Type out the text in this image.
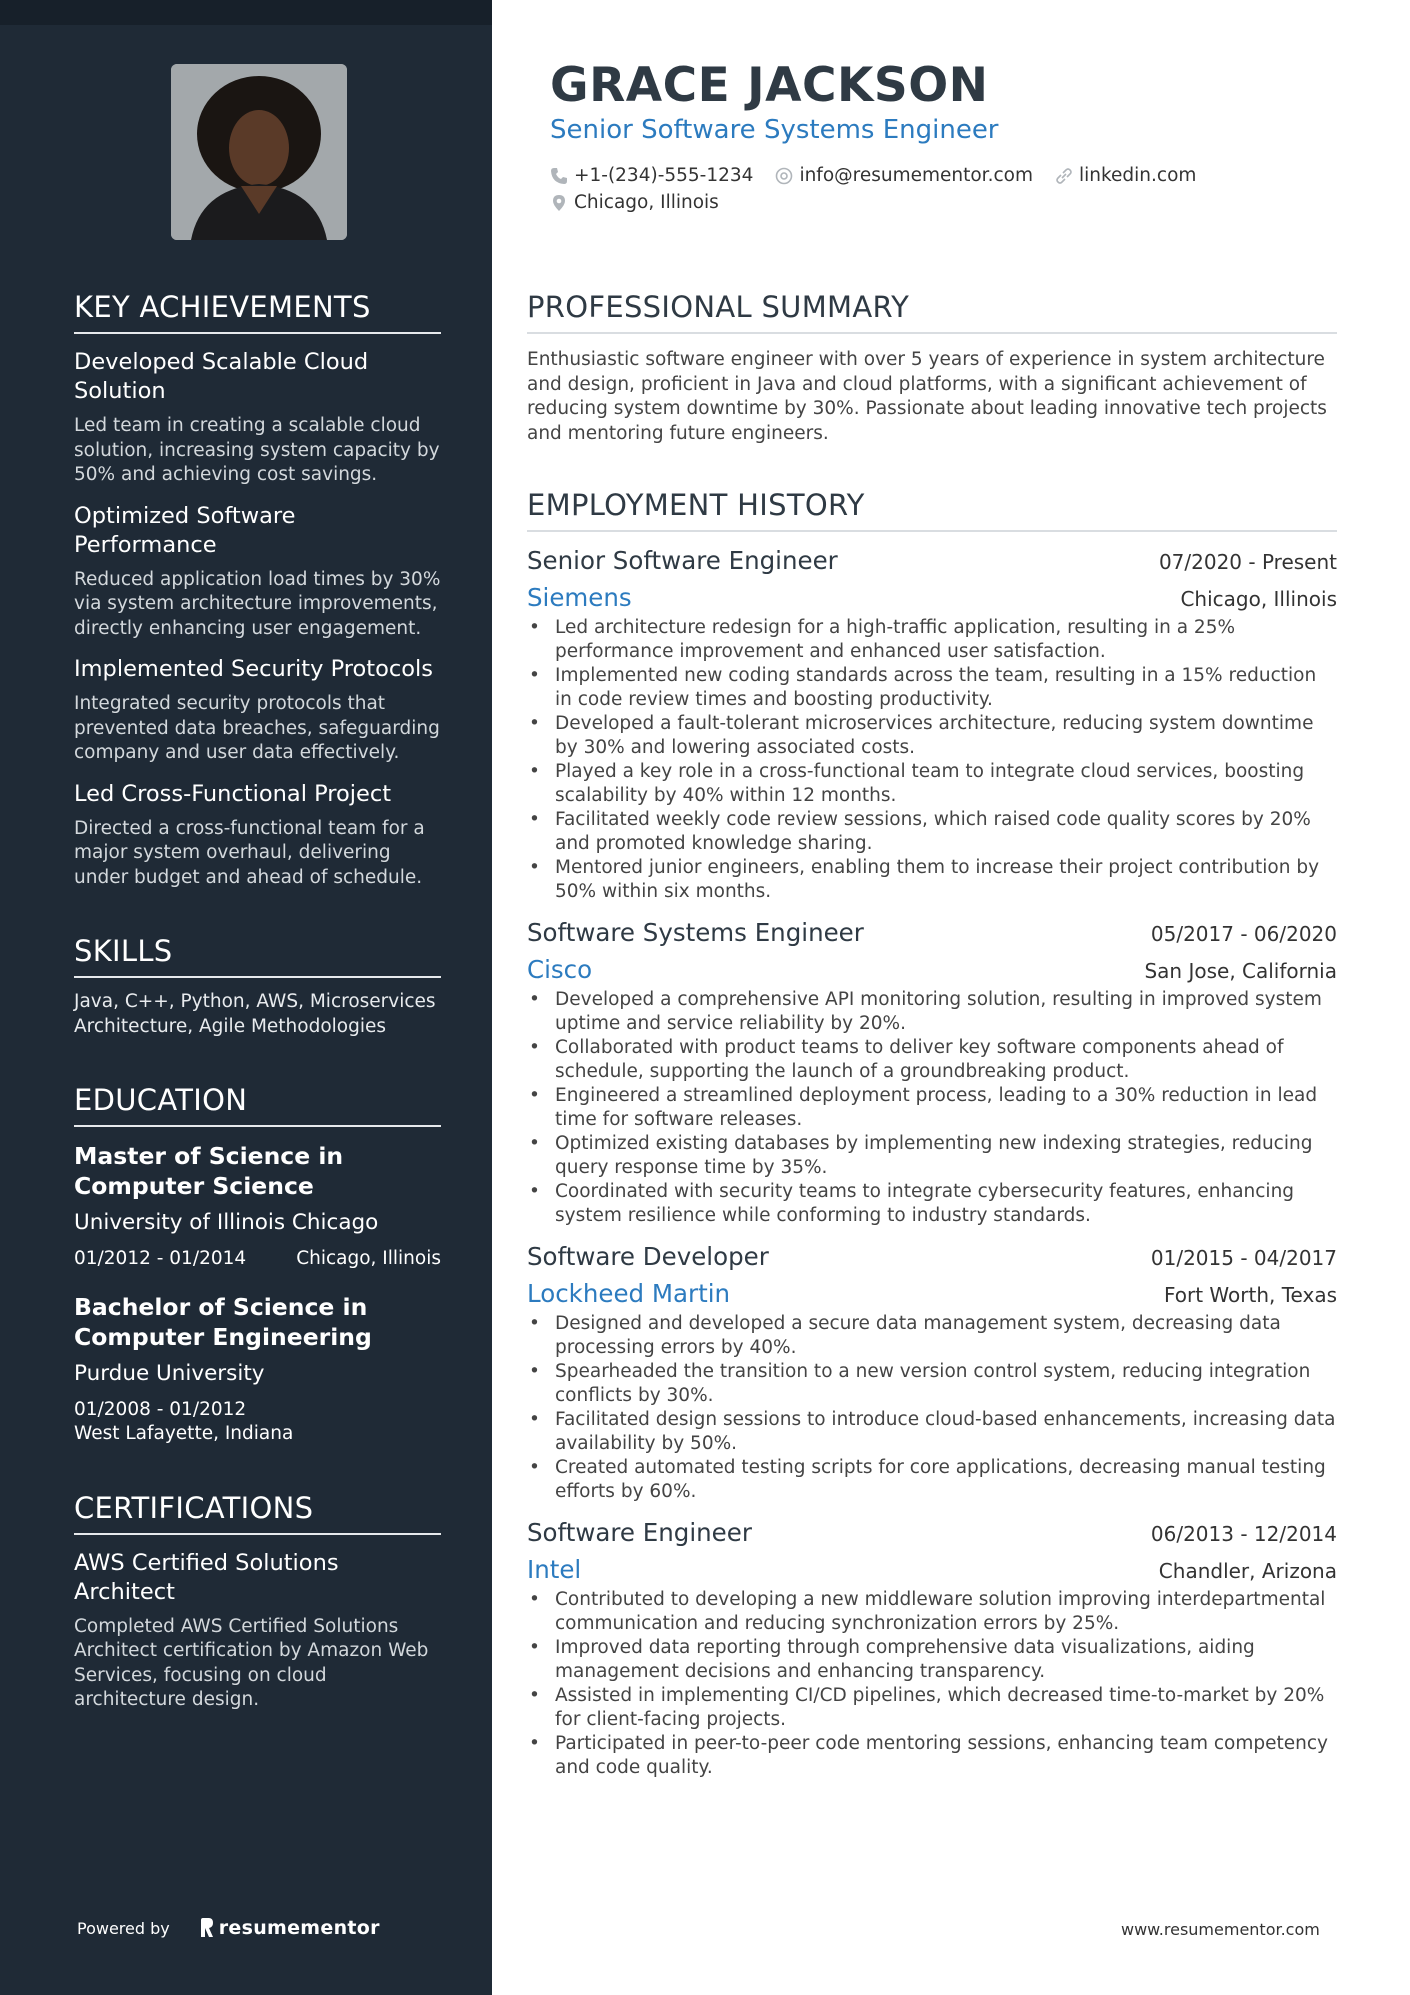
KEY ACHIEVEMENTS
Developed Scalable Cloud Solution

Led team in creating a scalable cloud solution, increasing system capacity by 50% and achieving cost savings.

Optimized Software Performance

Reduced application load times by 30% via system architecture improvements, directly enhancing user engagement.

Implemented Security Protocols

Integrated security protocols that prevented data breaches, safeguarding company and user data effectively.

Led Cross-Functional Project

Directed a cross-functional team for a major system overhaul, delivering under budget and ahead of schedule.

SKILLS
Java, C++, Python, AWS, Microservices Architecture, Agile Methodologies
EDUCATION
Master of Science in Computer Science
University of Illinois Chicago
01/2012 - 01/2014	Chicago, Illinois
Bachelor of Science in Computer Engineering
Purdue University
01/2008 - 01/2012
West Lafayette, Indiana
CERTIFICATIONS
AWS Certified Solutions Architect

Completed AWS Certified Solutions Architect certification by Amazon Web Services, focusing on cloud architecture design.

Powered by	resumementor
GRACE JACKSON
Senior Software Systems Engineer
+1-(234)-555-1234 info@resumementor.com linkedin.com
Chicago, Illinois
PROFESSIONAL SUMMARY

Enthusiastic software engineer with over 5 years of experience in system architecture and design, proficient in Java and cloud platforms, with a significant achievement of reducing system downtime by 30%. Passionate about leading innovative tech projects and mentoring future engineers.

EMPLOYMENT HISTORY
Senior Software Engineer	07/2020 - Present
Siemens	Chicago, Illinois
• Led architecture redesign for a high-traffic application, resulting in a 25% performance improvement and enhanced user satisfaction.
• Implemented new coding standards across the team, resulting in a 15% reduction in code review times and boosting productivity.
• Developed a fault-tolerant microservices architecture, reducing system downtime by 30% and lowering associated costs.
• Played a key role in a cross-functional team to integrate cloud services, boosting scalability by 40% within 12 months.
• Facilitated weekly code review sessions, which raised code quality scores by 20% and promoted knowledge sharing.
• Mentored junior engineers, enabling them to increase their project contribution by 50% within six months.
Software Systems Engineer	05/2017 - 06/2020
Cisco	San Jose, California
• Developed a comprehensive API monitoring solution, resulting in improved system uptime and service reliability by 20%.
• Collaborated with product teams to deliver key software components ahead of schedule, supporting the launch of a groundbreaking product.
• Engineered a streamlined deployment process, leading to a 30% reduction in lead time for software releases.
• Optimized existing databases by implementing new indexing strategies, reducing query response time by 35%.
• Coordinated with security teams to integrate cybersecurity features, enhancing system resilience while conforming to industry standards.
Software Developer	01/2015 - 04/2017
Lockheed Martin	Fort Worth, Texas
• Designed and developed a secure data management system, decreasing data processing errors by 40%.
• Spearheaded the transition to a new version control system, reducing integration conflicts by 30%.
• Facilitated design sessions to introduce cloud-based enhancements, increasing data availability by 50%.
• Created automated testing scripts for core applications, decreasing manual testing efforts by 60%.
Software Engineer	06/2013 - 12/2014
Intel	Chandler, Arizona
• Contributed to developing a new middleware solution improving interdepartmental communication and reducing synchronization errors by 25%.
• Improved data reporting through comprehensive data visualizations, aiding management decisions and enhancing transparency.
• Assisted in implementing CI/CD pipelines, which decreased time-to-market by 20% for client-facing projects.
• Participated in peer-to-peer code mentoring sessions, enhancing team competency and code quality.
www.resumementor.com
